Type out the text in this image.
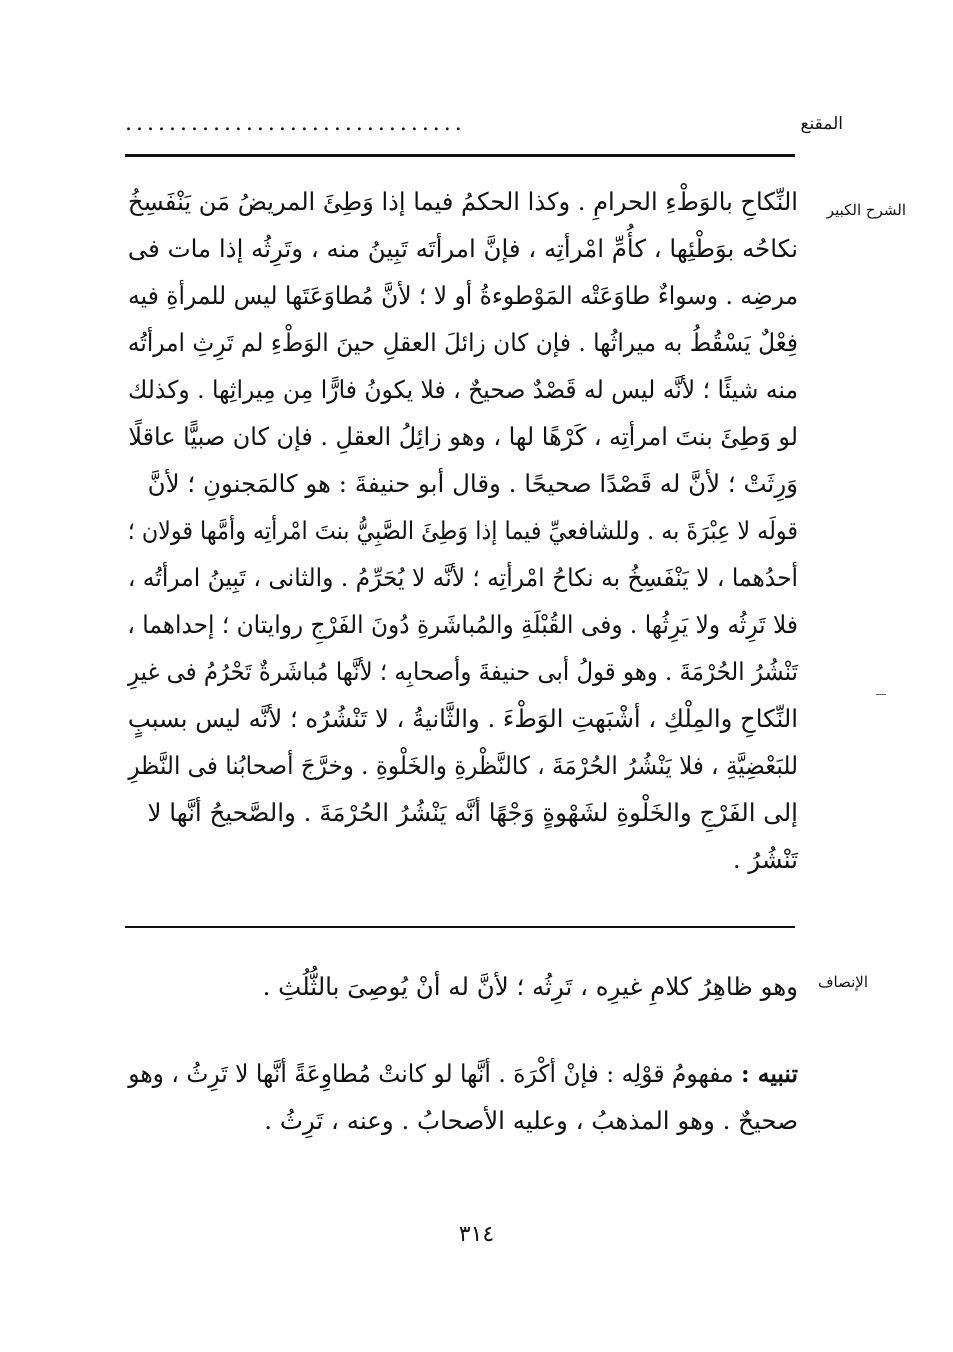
المقنع
...............................
الشرح الكبير
النِّكاحِ بالوَطْءِ الحرامِ . وكذا الحكمُ فيما إذا وَطِئَ المريضُ مَن يَنْفَسِخُ
نكاحُه بوَطْئِها ، كأُمِّ امْرأتِه ، فإنَّ امرأتَه تَبِينُ منه ، وتَرِثُه إذا مات فى
مرضِه . وسواءٌ طاوَعَتْه المَوْطوءةُ أو لا ؛ لأنَّ مُطاوَعَتَها ليس للمرأةِ فيه
فِعْلٌ يَسْقُطُ به ميراثُها . فإن كان زائلَ العقلِ حينَ الوَطْءِ لم تَرِثِ امرأتُه
منه شيئًا ؛ لأنَّه ليس له قَصْدٌ صحيحٌ ، فلا يكونُ فارًّا مِن مِيراثِها . وكذلك
لو وَطِئَ بنتَ امرأتِه ، كَرْهًا لها ، وهو زائِلُ العقلِ . فإن كان صبيًّا عاقلًا
وَرِثَتْ ؛ لأنَّ له قَصْدًا صحيحًا . وقال أبو حنيفةَ : هو كالمَجنونِ ؛ لأنَّ
قولَه لا عِبْرَةَ به . وللشافعيِّ فيما إذا وَطِئَ الصَّبِيُّ بنتَ امْرأتِه وأمَّها قولان ؛
أحدُهما ، لا يَنْفَسِخُ به نكاحُ امْرأتِه ؛ لأنَّه لا يُحَرِّمُ . والثانى ، تَبِينُ امرأتُه ،
فلا تَرِثُه ولا يَرِثُها . وفى القُبْلَةِ والمُباشَرةِ دُونَ الفَرْجِ روايتان ؛ إحداهما ،
تَنْشُرُ الحُرْمَةَ . وهو قولُ أبى حنيفةَ وأصحابِه ؛ لأنَّها مُباشَرةٌ تَحْرُمُ فى غيرِ
النِّكاحِ والمِلْكِ ، أشْبَهتِ الوَطْءَ . والثَّانيةُ ، لا تَنْشُرُه ؛ لأنَّه ليس بسببٍ
للبَعْضِيَّةِ ، فلا يَنْشُرُ الحُرْمَةَ ، كالنَّظْرةِ والخَلْوةِ . وخرَّجَ أصحابُنا فى النَّظرِ
إلى الفَرْجِ والخَلْوةِ لشَهْوةٍ وَجْهًا أنَّه يَنْشُرُ الحُرْمَةَ . والصَّحيحُ أنَّها لا
تَنْشُرُ .
الإنصاف
وهو ظاهِرُ كلامِ غيرِه ، تَرِثُه ؛ لأنَّ له أنْ يُوصِىَ بالثُّلُثِ .
تنبيه : مفهومُ قوْلِه : فإنْ أكْرَهَ . أنَّها لو كانتْ مُطاوِعَةً أنَّها لا تَرِثُ ، وهو
صحيحٌ . وهو المذهبُ ، وعليه الأصحابُ . وعنه ، تَرِثُ .
٣١٤
